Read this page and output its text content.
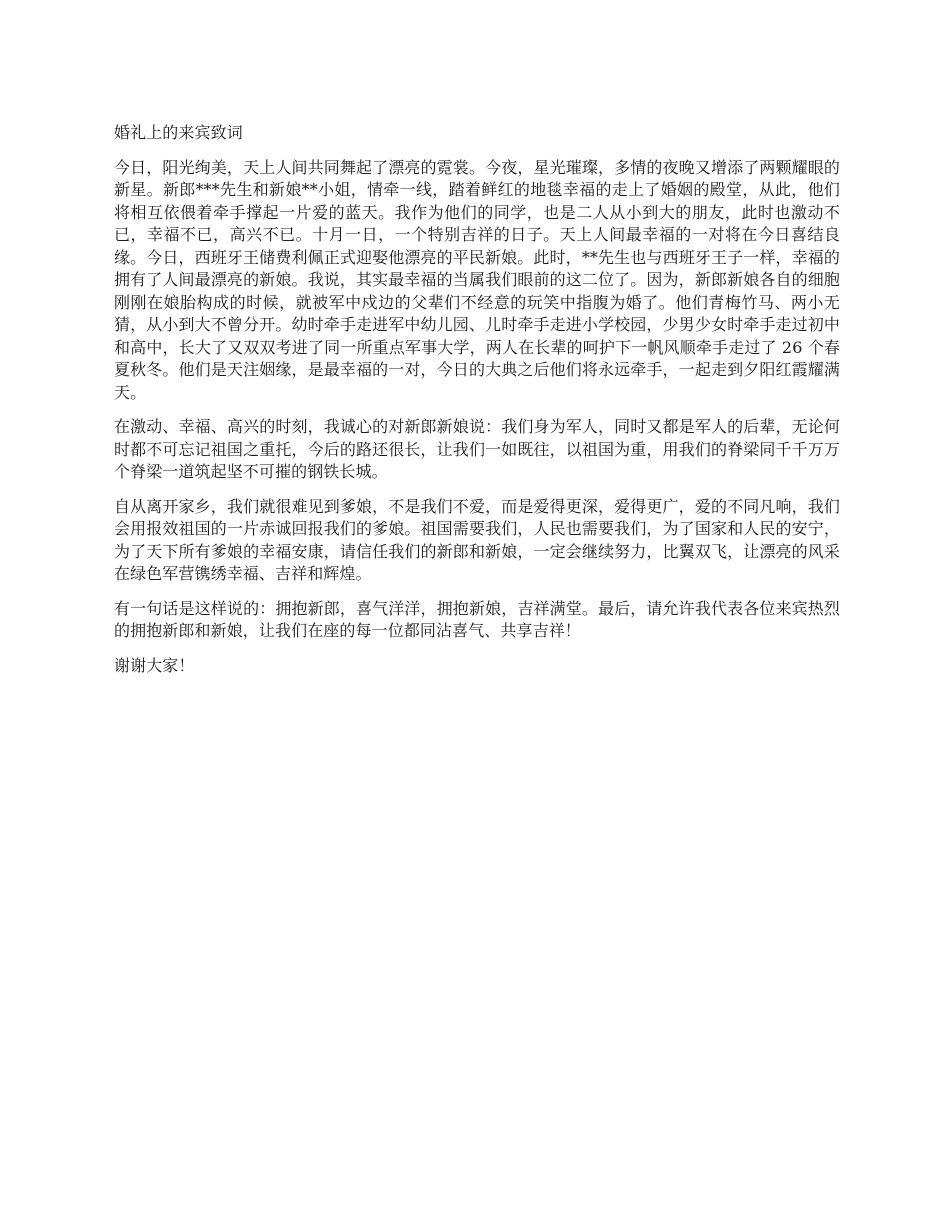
婚礼上的来宾致词

今日，阳光绚美，天上人间共同舞起了漂亮的霓裳。今夜，星光璀璨，多情的夜晚又增添了两颗耀眼的新星。新郎***先生和新娘**小姐，情牵一线，踏着鲜红的地毯幸福的走上了婚姻的殿堂，从此，他们将相互依偎着牵手撑起一片爱的蓝天。我作为他们的同学，也是二人从小到大的朋友，此时也激动不已，幸福不已，高兴不已。十月一日，一个特别吉祥的日子。天上人间最幸福的一对将在今日喜结良缘。今日，西班牙王储费利佩正式迎娶他漂亮的平民新娘。此时，**先生也与西班牙王子一样，幸福的拥有了人间最漂亮的新娘。我说，其实最幸福的当属我们眼前的这二位了。因为，新郎新娘各自的细胞刚刚在娘胎构成的时候，就被军中戍边的父辈们不经意的玩笑中指腹为婚了。他们青梅竹马、两小无猜，从小到大不曾分开。幼时牵手走进军中幼儿园、儿时牵手走进小学校园，少男少女时牵手走过初中和高中，长大了又双双考进了同一所重点军事大学，两人在长辈的呵护下一帆风顺牵手走过了 26 个春夏秋冬。他们是天注姻缘，是最幸福的一对，今日的大典之后他们将永远牵手，一起走到夕阳红霞耀满天。

在激动、幸福、高兴的时刻，我诚心的对新郎新娘说：我们身为军人，同时又都是军人的后辈，无论何时都不可忘记祖国之重托，今后的路还很长，让我们一如既往，以祖国为重，用我们的脊梁同千千万万个脊梁一道筑起坚不可摧的钢铁长城。

自从离开家乡，我们就很难见到爹娘，不是我们不爱，而是爱得更深，爱得更广，爱的不同凡响，我们会用报效祖国的一片赤诚回报我们的爹娘。祖国需要我们，人民也需要我们，为了国家和人民的安宁，为了天下所有爹娘的幸福安康，请信任我们的新郎和新娘，一定会继续努力，比翼双飞，让漂亮的风采在绿色军营镌绣幸福、吉祥和辉煌。

有一句话是这样说的：拥抱新郎，喜气洋洋，拥抱新娘，吉祥满堂。最后，请允许我代表各位来宾热烈的拥抱新郎和新娘，让我们在座的每一位都同沾喜气、共享吉祥！

谢谢大家！
